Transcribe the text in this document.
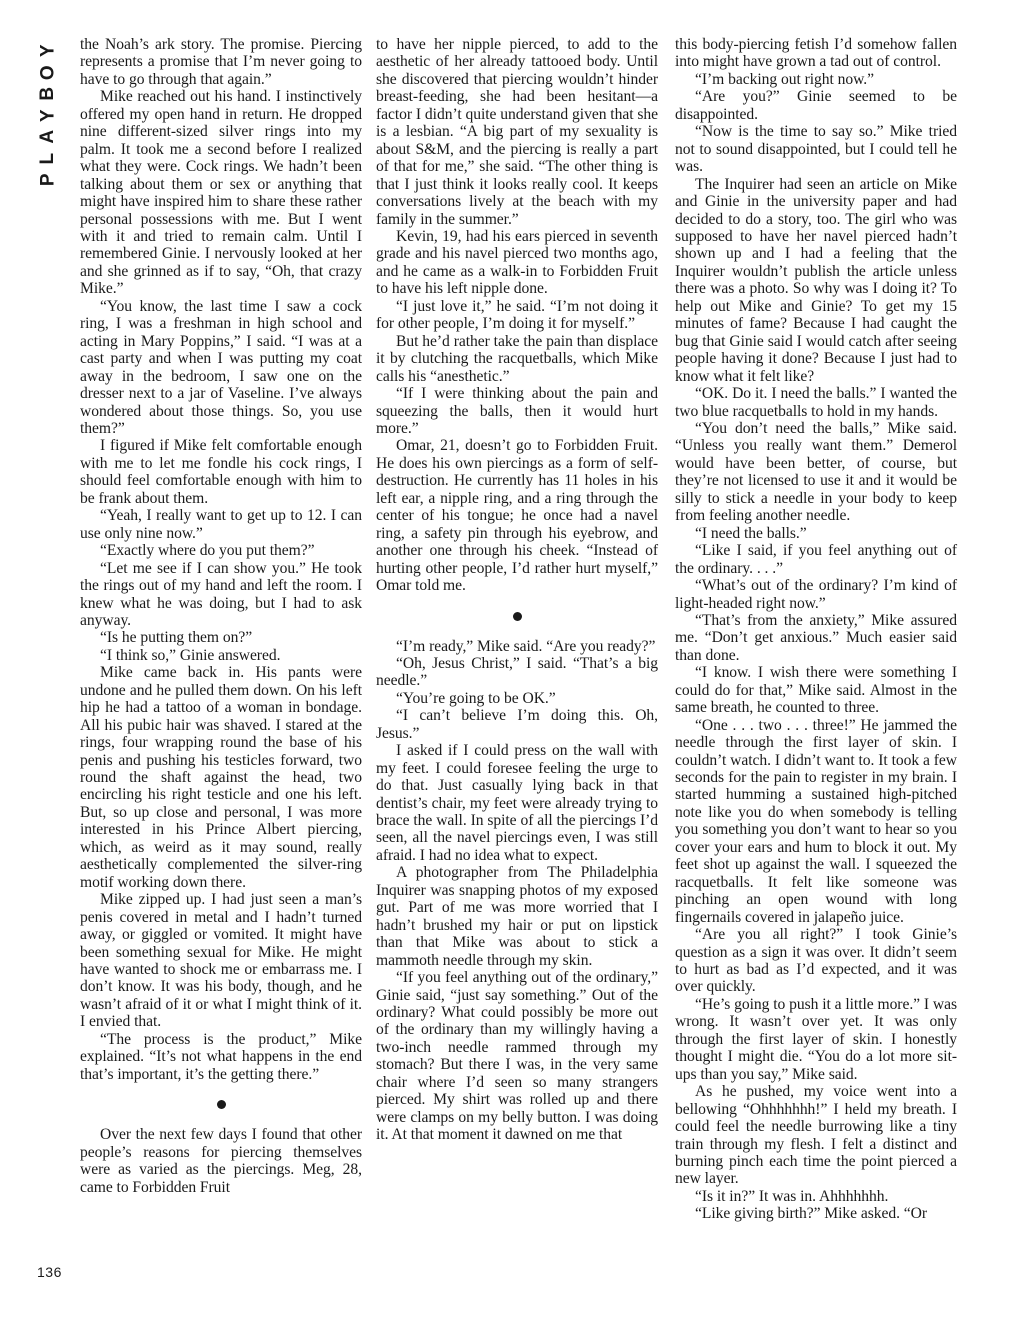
Y
O
B
Y
A
L
P

the Noah’s ark story. The promise. Piercing represents a promise that I’m never going to have to go through that again.”

Mike reached out his hand. I instinctively offered my open hand in return. He dropped nine different-sized silver rings into my palm. It took me a second before I realized what they were. Cock rings. We hadn’t been talking about them or sex or anything that might have inspired him to share these rather personal possessions with me. But I went with it and tried to remain calm. Until I remembered Ginie. I nervously looked at her and she grinned as if to say, “Oh, that crazy Mike.”

“You know, the last time I saw a cock ring, I was a freshman in high school and acting in Mary Poppins,” I said. “I was at a cast party and when I was putting my coat away in the bedroom, I saw one on the dresser next to a jar of Vaseline. I’ve always wondered about those things. So, you use them?”

I figured if Mike felt comfortable enough with me to let me fondle his cock rings, I should feel comfortable enough with him to be frank about them.

“Yeah, I really want to get up to 12. I can use only nine now.”

“Exactly where do you put them?”

“Let me see if I can show you.” He took the rings out of my hand and left the room. I knew what he was doing, but I had to ask anyway.

“Is he putting them on?”

“I think so,” Ginie answered.

Mike came back in. His pants were undone and he pulled them down. On his left hip he had a tattoo of a woman in bondage. All his pubic hair was shaved. I stared at the rings, four wrapping round the base of his penis and pushing his testicles forward, two round the shaft against the head, two encircling his right testicle and one his left. But, so up close and personal, I was more interested in his Prince Albert piercing, which, as weird as it may sound, really aesthetically complemented the silver-ring motif working down there.

Mike zipped up. I had just seen a man’s penis covered in metal and I hadn’t turned away, or giggled or vomited. It might have been something sexual for Mike. He might have wanted to shock me or embarrass me. I don’t know. It was his body, though, and he wasn’t afraid of it or what I might think of it. I envied that.

“The process is the product,” Mike explained. “It’s not what happens in the end that’s important, it’s the getting there.”

Over the next few days I found that other people’s reasons for piercing themselves were as varied as the piercings. Meg, 28, came to Forbidden Fruit

to have her nipple pierced, to add to the aesthetic of her already tattooed body. Until she discovered that piercing wouldn’t hinder breast-feeding, she had been hesitant—a factor I didn’t quite understand given that she is a lesbian. “A big part of my sexuality is about S&M, and the piercing is really a part of that for me,” she said. “The other thing is that I just think it looks really cool. It keeps conversations lively at the beach with my family in the summer.”

Kevin, 19, had his ears pierced in seventh grade and his navel pierced two months ago, and he came as a walk-in to Forbidden Fruit to have his left nipple done.

“I just love it,” he said. “I’m not doing it for other people, I’m doing it for myself.”

But he’d rather take the pain than displace it by clutching the racquetballs, which Mike calls his “anesthetic.”

“If I were thinking about the pain and squeezing the balls, then it would hurt more.”

Omar, 21, doesn’t go to Forbidden Fruit. He does his own piercings as a form of self-destruction. He currently has 11 holes in his left ear, a nipple ring, and a ring through the center of his tongue; he once had a navel ring, a safety pin through his eyebrow, and another one through his cheek. “Instead of hurting other people, I’d rather hurt myself,” Omar told me.

“I’m ready,” Mike said. “Are you ready?”

“Oh, Jesus Christ,” I said. “That’s a big needle.”

“You’re going to be OK.”

“I can’t believe I’m doing this. Oh, Jesus.”

I asked if I could press on the wall with my feet. I could foresee feeling the urge to do that. Just casually lying back in that dentist’s chair, my feet were already trying to brace the wall. In spite of all the piercings I’d seen, all the navel piercings even, I was still afraid. I had no idea what to expect.

A photographer from The Philadelphia Inquirer was snapping photos of my exposed gut. Part of me was more worried that I hadn’t brushed my hair or put on lipstick than that Mike was about to stick a mammoth needle through my skin.

“If you feel anything out of the ordinary,” Ginie said, “just say something.” Out of the ordinary? What could possibly be more out of the ordinary than my willingly having a two-inch needle rammed through my stomach? But there I was, in the very same chair where I’d seen so many strangers pierced. My shirt was rolled up and there were clamps on my belly button. I was doing it. At that moment it dawned on me that

this body-piercing fetish I’d somehow fallen into might have grown a tad out of control.

“I’m backing out right now.”

“Are you?” Ginie seemed to be disappointed.

“Now is the time to say so.” Mike tried not to sound disappointed, but I could tell he was.

The Inquirer had seen an article on Mike and Ginie in the university paper and had decided to do a story, too. The girl who was supposed to have her navel pierced hadn’t shown up and I had a feeling that the Inquirer wouldn’t publish the article unless there was a photo. So why was I doing it? To help out Mike and Ginie? To get my 15 minutes of fame? Because I had caught the bug that Ginie said I would catch after seeing people having it done? Because I just had to know what it felt like?

“OK. Do it. I need the balls.” I wanted the two blue racquetballs to hold in my hands.

“You don’t need the balls,” Mike said. “Unless you really want them.” Demerol would have been better, of course, but they’re not licensed to use it and it would be silly to stick a needle in your body to keep from feeling another needle.

“I need the balls.”

“Like I said, if you feel anything out of the ordinary. . . .”

“What’s out of the ordinary? I’m kind of light-headed right now.”

“That’s from the anxiety,” Mike assured me. “Don’t get anxious.” Much easier said than done.

“I know. I wish there were something I could do for that,” Mike said. Almost in the same breath, he counted to three.

“One . . . two . . . three!” He jammed the needle through the first layer of skin. I couldn’t watch. I didn’t want to. It took a few seconds for the pain to register in my brain. I started humming a sustained high-pitched note like you do when somebody is telling you something you don’t want to hear so you cover your ears and hum to block it out. My feet shot up against the wall. I squeezed the racquetballs. It felt like someone was pinching an open wound with long fingernails covered in jalapeño juice.

“Are you all right?” I took Ginie’s question as a sign it was over. It didn’t seem to hurt as bad as I’d expected, and it was over quickly.

“He’s going to push it a little more.” I was wrong. It wasn’t over yet. It was only through the first layer of skin. I honestly thought I might die. “You do a lot more sit-ups than you say,” Mike said.

As he pushed, my voice went into a bellowing “Ohhhhhhh!” I held my breath. I could feel the needle burrowing like a tiny train through my flesh. I felt a distinct and burning pinch each time the point pierced a new layer.

“Is it in?” It was in. Ahhhhhhh.

“Like giving birth?” Mike asked. “Or

136
